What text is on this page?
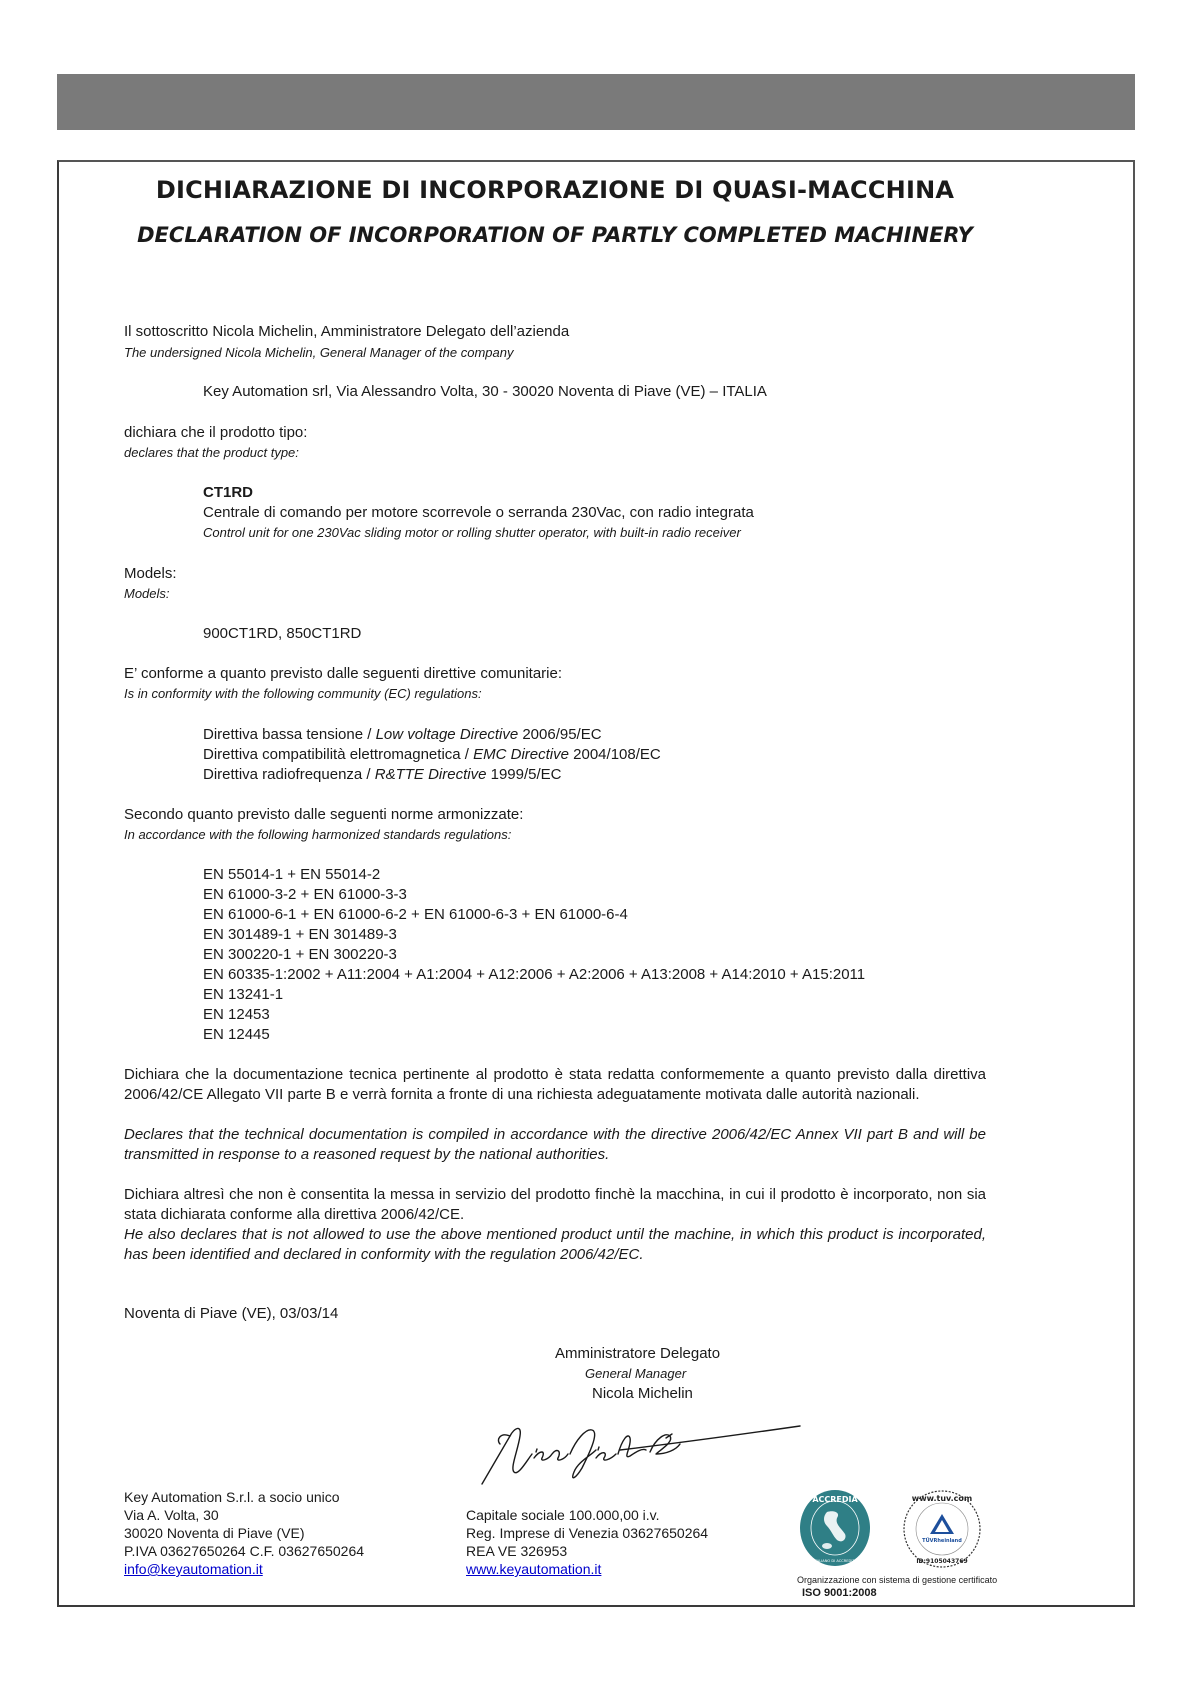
DICHIARAZIONE DI INCORPORAZIONE DI QUASI-MACCHINA
DECLARATION OF INCORPORATION OF PARTLY COMPLETED MACHINERY
Il sottoscritto Nicola Michelin, Amministratore Delegato dell’azienda
The undersigned Nicola Michelin, General Manager of the company
Key Automation srl, Via Alessandro Volta, 30 - 30020 Noventa di Piave (VE) – ITALIA
dichiara che il prodotto tipo:
declares that the product type:
CT1RD
Centrale di comando per motore scorrevole o serranda 230Vac, con radio integrata
Control unit for one 230Vac sliding motor or rolling shutter operator, with built-in radio receiver
Models:
Models:
900CT1RD, 850CT1RD
E’ conforme a quanto previsto dalle seguenti direttive comunitarie:
Is in conformity with the following community (EC) regulations:
Direttiva bassa tensione / Low voltage Directive 2006/95/EC
Direttiva compatibilità elettromagnetica / EMC Directive 2004/108/EC
Direttiva radiofrequenza / R&TTE Directive 1999/5/EC
Secondo quanto previsto dalle seguenti norme armonizzate:
In accordance with the following harmonized standards regulations:
EN 55014-1 + EN 55014-2
EN 61000-3-2 + EN 61000-3-3
EN 61000-6-1 + EN 61000-6-2 + EN 61000-6-3 + EN 61000-6-4
EN 301489-1 + EN 301489-3
EN 300220-1 + EN 300220-3
EN 60335-1:2002 + A11:2004 + A1:2004 + A12:2006 + A2:2006 + A13:2008 + A14:2010 + A15:2011
EN 13241-1
EN 12453
EN 12445
Dichiara che la documentazione tecnica pertinente al prodotto è stata redatta conformemente a quanto previsto dalla direttiva 2006/42/CE Allegato VII parte B e verrà fornita a fronte di una richiesta adeguatamente motivata dalle autorità nazionali.
Declares that the technical documentation is compiled in accordance with the directive 2006/42/EC Annex VII part B and will be transmitted in response to a reasoned request by the national authorities.
Dichiara altresì che non è consentita la messa in servizio del prodotto finchè la macchina, in cui il prodotto è incorporato, non sia stata dichiarata conforme alla direttiva 2006/42/CE.
He also declares that is not allowed to use the above mentioned product until the machine, in which this product is incorporated, has been identified and declared in conformity with the regulation 2006/42/EC.
Noventa di Piave (VE), 03/03/14
Amministratore Delegato
General Manager
Nicola Michelin
Key Automation S.r.l. a socio unico
Via A. Volta, 30
30020 Noventa di Piave (VE)
P.IVA 03627650264 C.F. 03627650264
info@keyautomation.it
Capitale sociale 100.000,00 i.v.
Reg. Imprese di Venezia 03627650264
REA VE 326953
www.keyautomation.it
ACCREDIA
L'ENTE ITALIANO DI ACCREDITAMENTO
www.tuv.com
TÜVRheinland
ID:9105043769
Organizzazione con sistema di gestione certificato
ISO 9001:2008
